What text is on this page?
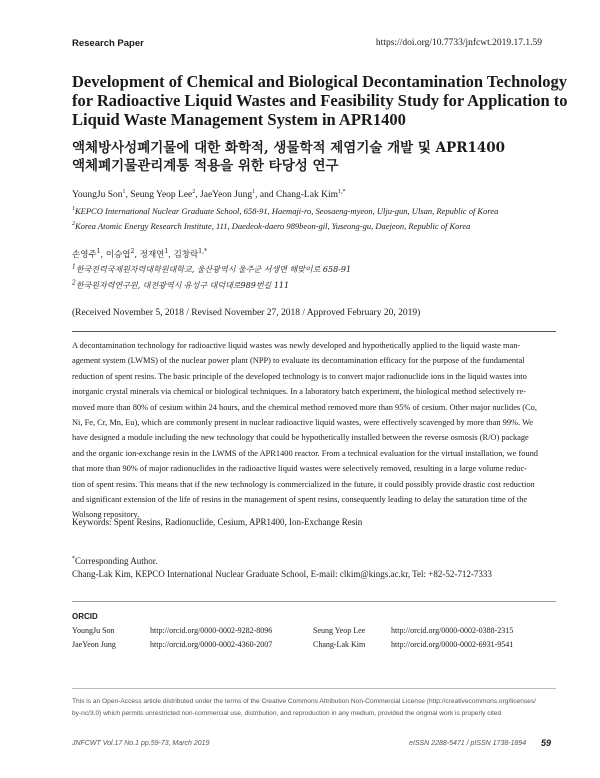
Research Paper	https://doi.org/10.7733/jnfcwt.2019.17.1.59
Development of Chemical and Biological Decontamination Technology
for Radioactive Liquid Wastes and Feasibility Study for Application to
Liquid Waste Management System in APR1400
액체방사성폐기물에 대한 화학적, 생물학적 제염기술 개발 및 APR1400
액체폐기물관리계통 적용을 위한 타당성 연구
YoungJu Son$^1$, Seung Yeop Lee$^2$, JaeYeon Jung$^1$, and Chang-Lak Kim$^{1,*}$
$^1$KEPCO International Nuclear Graduate School, 658-91, Haemaji-ro, Seosaeng-myeon, Ulju-gun, Ulsan, Republic of Korea
$^2$Korea Atomic Energy Research Institute, 111, Daedeok-daero 989beon-gil, Yuseong-gu, Daejeon, Republic of Korea
손영주$^1$, 이승엽$^2$, 정재연$^1$, 김창락$^{1,*}$
$^1$한국전력국제원자력대학원대학교, 울산광역시 울주군 서생면 해맞이로 658-91
$^2$한국원자력연구원, 대전광역시 유성구 대덕대로989번길 111
(Received November 5, 2018 / Revised November 27, 2018 / Approved February 20, 2019)
A decontamination technology for radioactive liquid wastes was newly developed and hypothetically applied to the liquid waste man-
agement system (LWMS) of the nuclear power plant (NPP) to evaluate its decontamination efficacy for the purpose of the fundamental
reduction of spent resins. The basic principle of the developed technology is to convert major radionuclide ions in the liquid wastes into
inorganic crystal minerals via chemical or biological techniques. In a laboratory batch experiment, the biological method selectively re-
moved more than 80% of cesium within 24 hours, and the chemical method removed more than 95% of cesium. Other major nuclides (Co,
Ni, Fe, Cr, Mn, Eu), which are commonly present in nuclear radioactive liquid wastes, were effectively scavenged by more than 99%. We
have designed a module including the new technology that could be hypothetically installed between the reverse osmosis (R/O) package
and the organic ion-exchange resin in the LWMS of the APR1400 reactor. From a technical evaluation for the virtual installation, we found
that more than 90% of major radionuclides in the radioactive liquid wastes were selectively removed, resulting in a large volume reduc-
tion of spent resins. This means that if the new technology is commercialized in the future, it could possibly provide drastic cost reduction
and significant extension of the life of resins in the management of spent resins, consequently leading to delay the saturation time of the
Wolsong repository.
Keywords: Spent Resins, Radionuclide, Cesium, APR1400, Ion-Exchange Resin
*Corresponding Author.
Chang-Lak Kim, KEPCO International Nuclear Graduate School, E-mail: clkim@kings.ac.kr, Tel: +82-52-712-7333
ORCID
YoungJu Son	http://orcid.org/0000-0002-9282-8096	Seung Yeop Lee	http://orcid.org/0000-0002-0388-2315
JaeYeon Jung	http://orcid.org/0000-0002-4360-2007	Chang-Lak Kim	http://orcid.org/0000-0002-6931-9541
This is an Open-Access article distributed under the terms of the Creative Commons Attribution Non-Commercial License (http://creativecommons.org/licenses/
by-nc/3.0) which permits unrestricted non-commercial use, distribution, and reproduction in any medium, provided the original work is properly cited
JNFCWT Vol.17 No.1 pp.59-73, March 2019	eISSN 2288-5471 / pISSN 1738-1894 59
